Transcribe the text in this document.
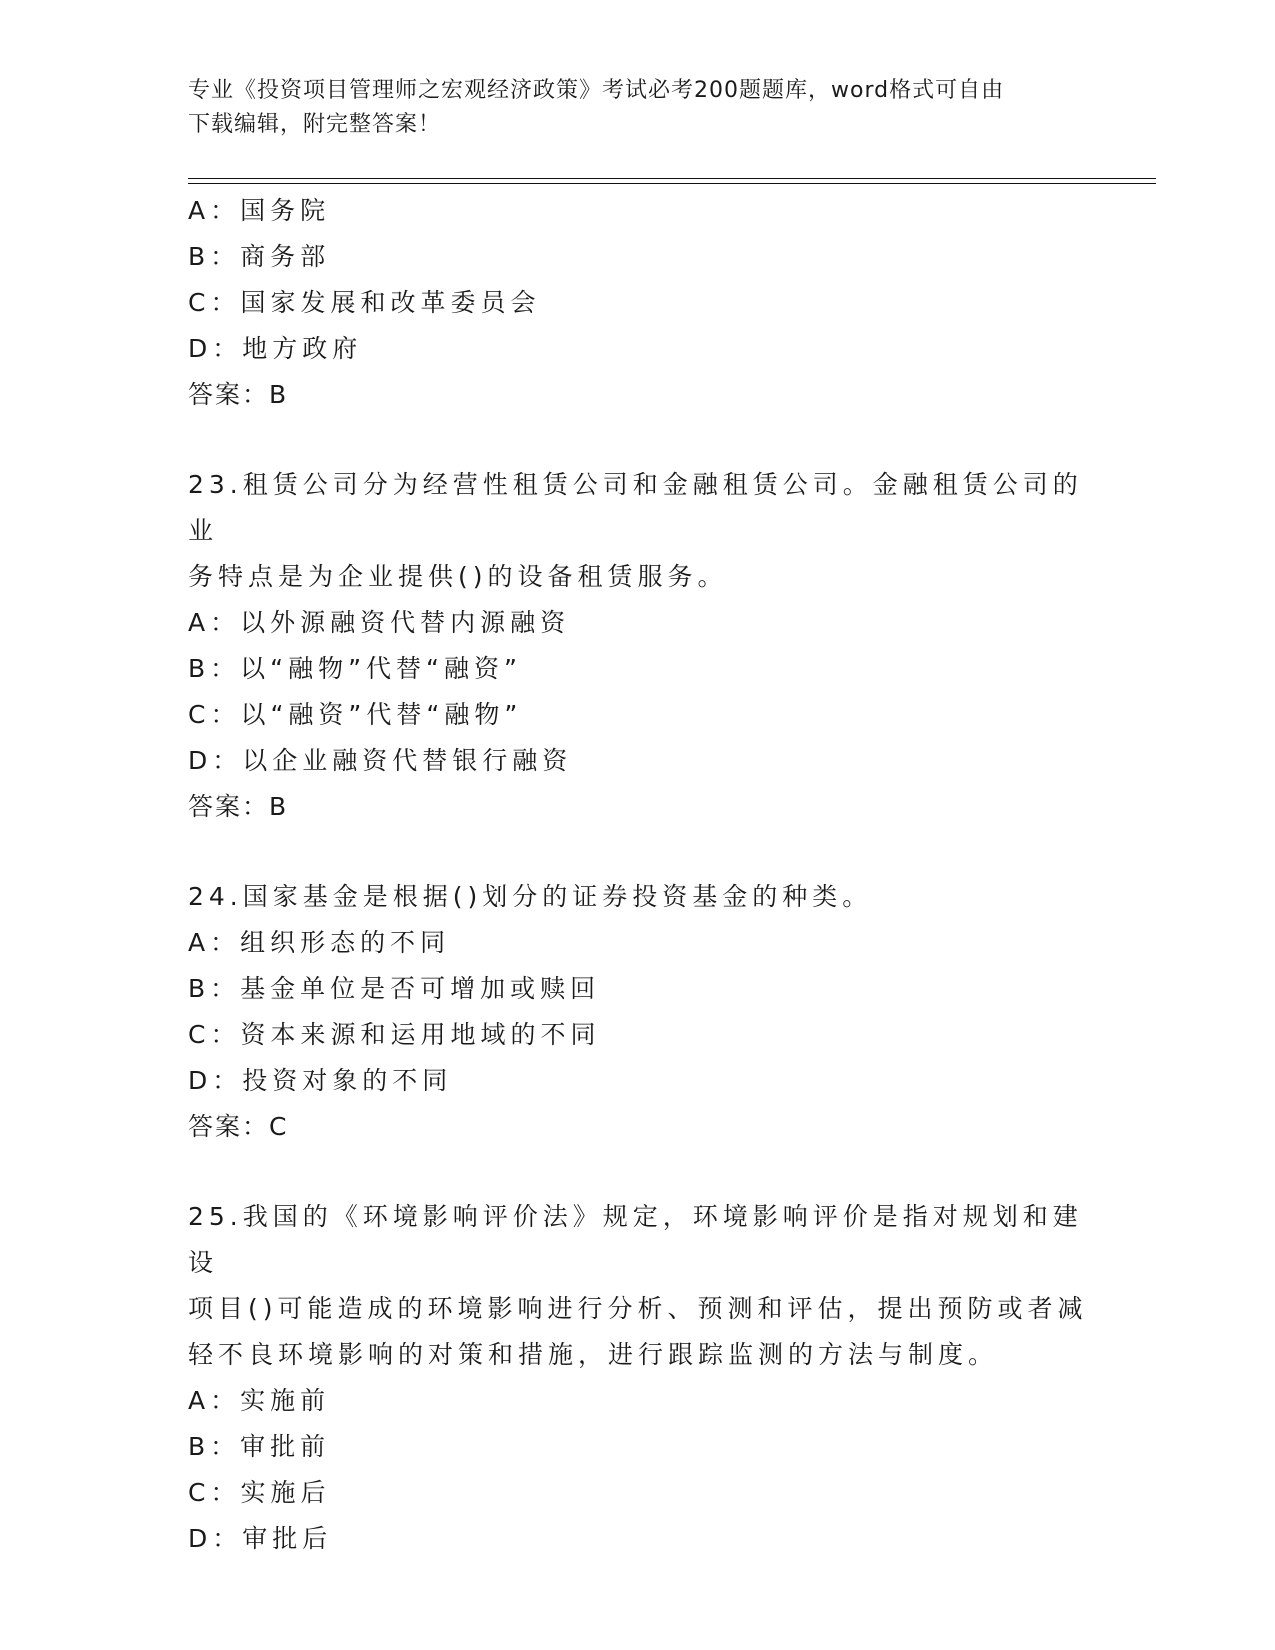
专业《投资项目管理师之宏观经济政策》考试必考200题题库，word格式可自由
下载编辑，附完整答案！
A：国务院
B：商务部
C：国家发展和改革委员会
D：地方政府
答案：B
23.租赁公司分为经营性租赁公司和金融租赁公司。金融租赁公司的业
务特点是为企业提供()的设备租赁服务。
A：以外源融资代替内源融资
B：以“融物”代替“融资”
C：以“融资”代替“融物”
D：以企业融资代替银行融资
答案：B
24.国家基金是根据()划分的证券投资基金的种类。
A：组织形态的不同
B：基金单位是否可增加或赎回
C：资本来源和运用地域的不同
D：投资对象的不同
答案：C
25.我国的《环境影响评价法》规定，环境影响评价是指对规划和建设
项目()可能造成的环境影响进行分析、预测和评估，提出预防或者减
轻不良环境影响的对策和措施，进行跟踪监测的方法与制度。
A：实施前
B：审批前
C：实施后
D：审批后
